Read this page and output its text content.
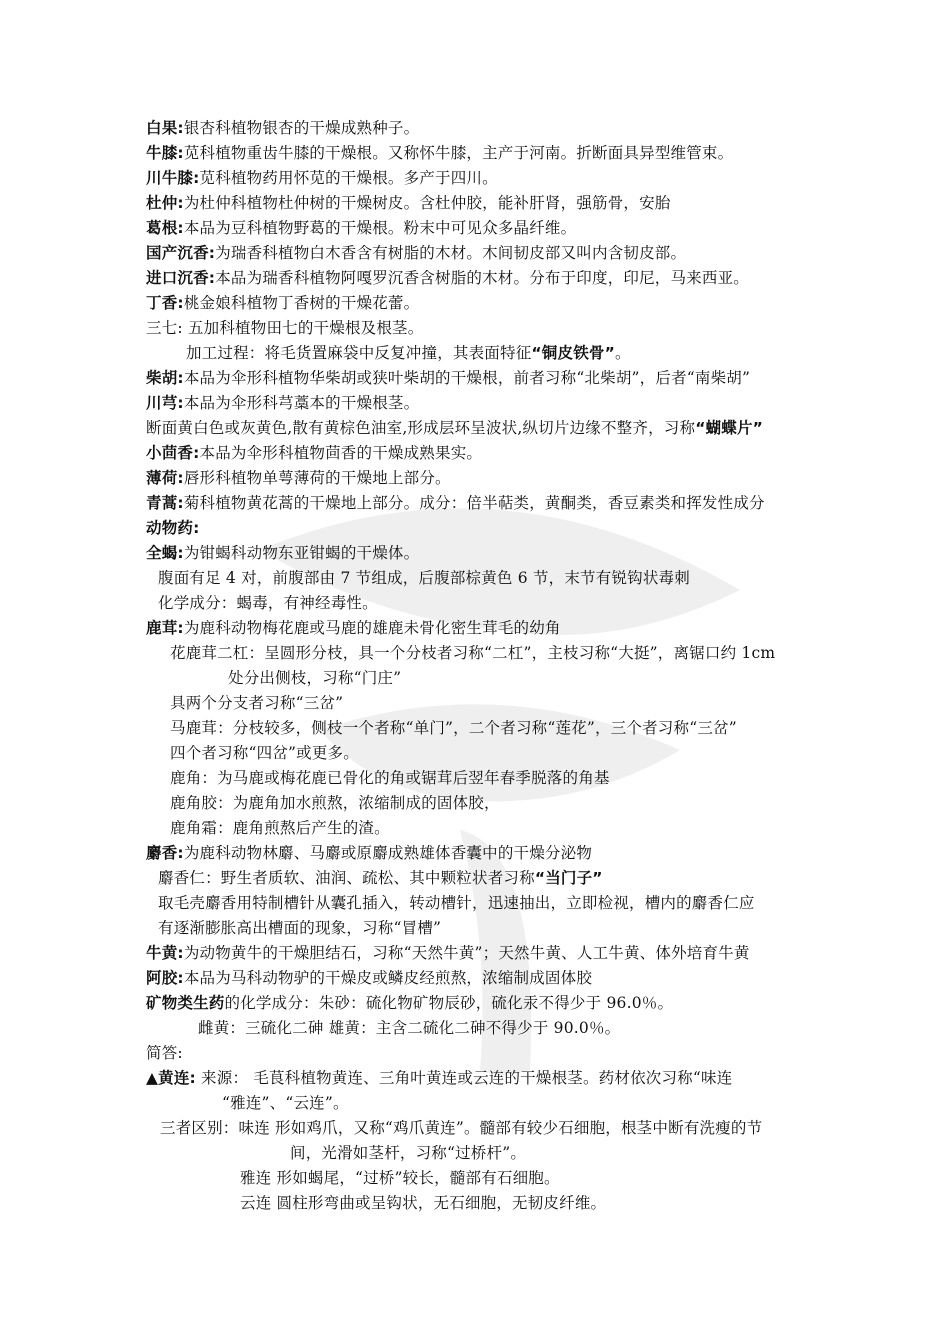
白果:银杏科植物银杏的干燥成熟种子。
牛膝:苋科植物重齿牛膝的干燥根。又称怀牛膝，主产于河南。折断面具异型维管束。
川牛膝:苋科植物药用怀苋的干燥根。多产于四川。
杜仲:为杜仲科植物杜仲树的干燥树皮。含杜仲胶，能补肝肾，强筋骨，安胎
葛根:本品为豆科植物野葛的干燥根。粉末中可见众多晶纤维。
国产沉香:为瑞香科植物白木香含有树脂的木材。木间韧皮部又叫内含韧皮部。
进口沉香:本品为瑞香科植物阿嘎罗沉香含树脂的木材。分布于印度，印尼，马来西亚。
丁香:桃金娘科植物丁香树的干燥花蕾。
三七: 五加科植物田七的干燥根及根茎。
加工过程：将毛货置麻袋中反复冲撞，其表面特征“铜皮铁骨”。
柴胡:本品为伞形科植物华柴胡或狭叶柴胡的干燥根，前者习称“北柴胡”，后者“南柴胡”
川芎:本品为伞形科芎藁本的干燥根茎。
断面黄白色或灰黄色,散有黄棕色油室,形成层环呈波状,纵切片边缘不整齐，习称“蝴蝶片”
小茴香:本品为伞形科植物茴香的干燥成熟果实。
薄荷:唇形科植物单萼薄荷的干燥地上部分。
青蒿:菊科植物黄花蒿的干燥地上部分。成分：倍半萜类，黄酮类，香豆素类和挥发性成分
动物药:
全蝎:为钳蝎科动物东亚钳蝎的干燥体。
腹面有足 4 对，前腹部由 7 节组成，后腹部棕黄色 6 节，末节有锐钩状毒刺
化学成分：蝎毒，有神经毒性。
鹿茸:为鹿科动物梅花鹿或马鹿的雄鹿未骨化密生茸毛的幼角
花鹿茸二杠：呈圆形分枝，具一个分枝者习称“二杠”，主枝习称“大挺”，离锯口约 1cm
处分出侧枝，习称“门庄”
具两个分支者习称“三岔”
马鹿茸：分枝较多，侧枝一个者称“单门”，二个者习称“莲花”，三个者习称“三岔”
四个者习称“四岔”或更多。
鹿角：为马鹿或梅花鹿已骨化的角或锯茸后翌年春季脱落的角基
鹿角胶：为鹿角加水煎熬，浓缩制成的固体胶，
鹿角霜：鹿角煎熬后产生的渣。
麝香:为鹿科动物林麝、马麝或原麝成熟雄体香囊中的干燥分泌物
麝香仁：野生者质软、油润、疏松、其中颗粒状者习称“当门子”
取毛壳麝香用特制槽针从囊孔插入，转动槽针，迅速抽出，立即检视，槽内的麝香仁应
有逐渐膨胀高出槽面的现象，习称“冒槽”
牛黄:为动物黄牛的干燥胆结石，习称“天然牛黄”；天然牛黄、人工牛黄、体外培育牛黄
阿胶:本品为马科动物驴的干燥皮或鳞皮经煎熬，浓缩制成固体胶
矿物类生药的化学成分：朱砂：硫化物矿物辰砂，硫化汞不得少于 96.0％。
雌黄：三硫化二砷 雄黄：主含二硫化二砷不得少于 90.0％。
简答:
▲黄连: 来源： 毛茛科植物黄连、三角叶黄连或云连的干燥根茎。药材依次习称“味连
“雅连”、“云连”。
三者区别：味连 形如鸡爪，又称“鸡爪黄连”。髓部有较少石细胞，根茎中断有洗瘦的节
间，光滑如茎杆，习称“过桥杆”。
雅连 形如蝎尾，“过桥”较长，髓部有石细胞。
云连 圆柱形弯曲或呈钩状，无石细胞，无韧皮纤维。
